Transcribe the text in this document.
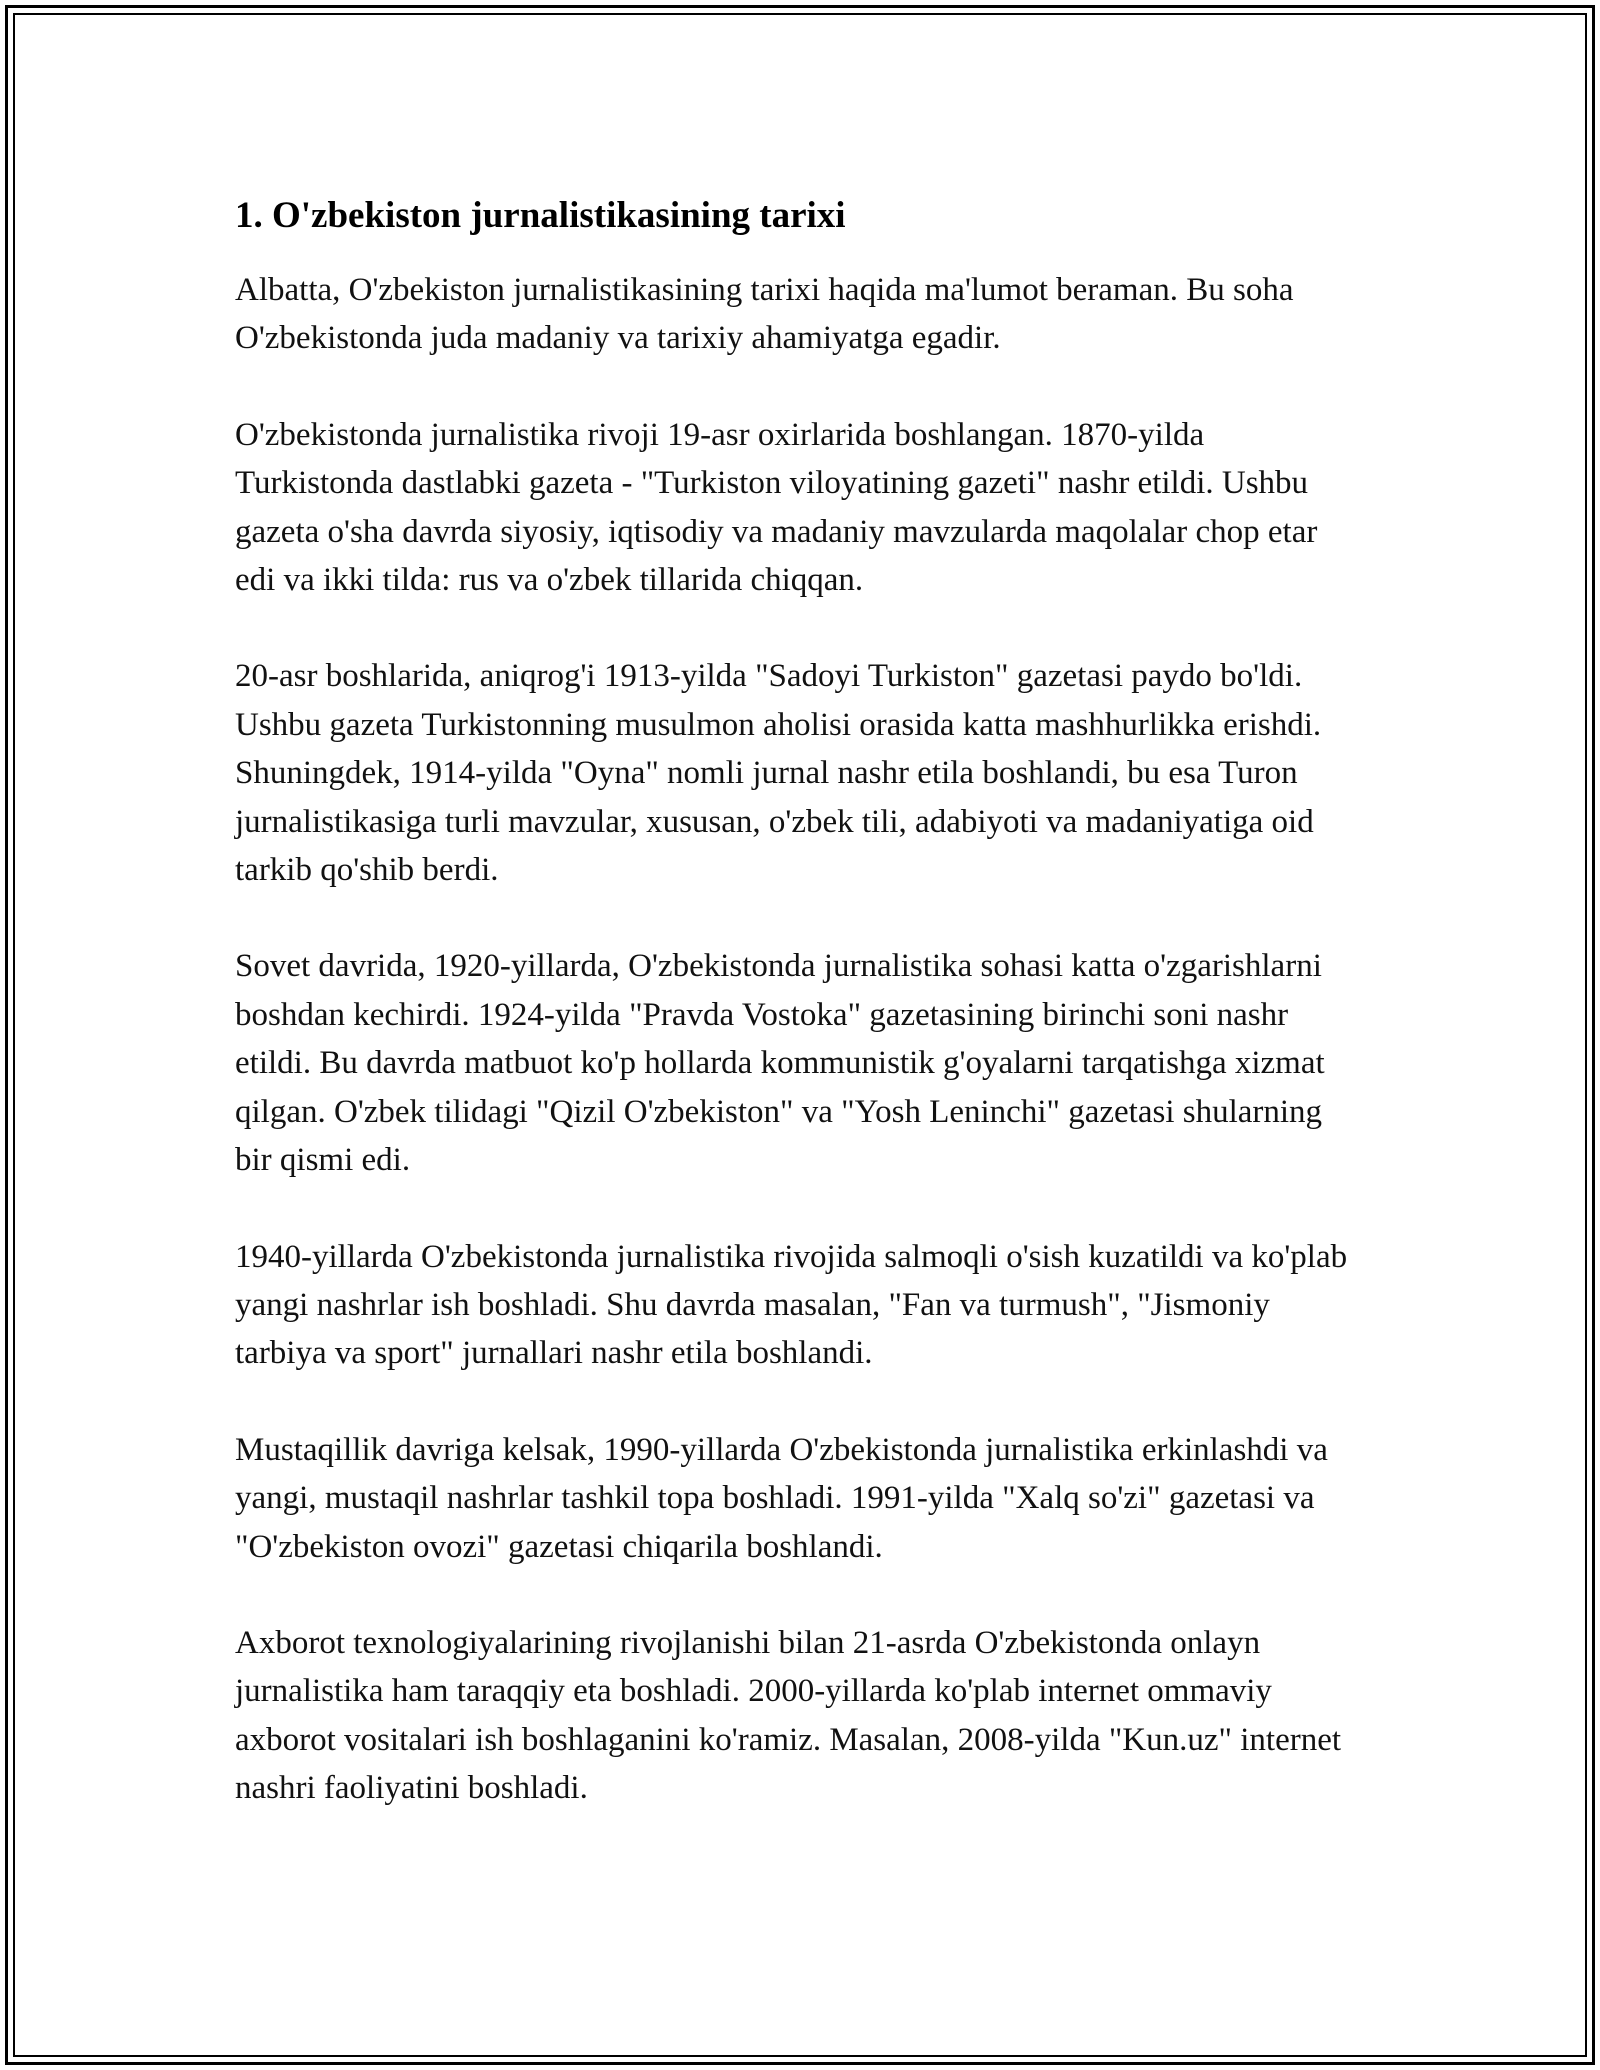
1. O'zbekiston jurnalistikasining tarixi

Albatta, O'zbekiston jurnalistikasining tarixi haqida ma'lumot beraman. Bu soha O'zbekistonda juda madaniy va tarixiy ahamiyatga egadir.

O'zbekistonda jurnalistika rivoji 19-asr oxirlarida boshlangan. 1870-yilda Turkistonda dastlabki gazeta - "Turkiston viloyatining gazeti" nashr etildi. Ushbu gazeta o'sha davrda siyosiy, iqtisodiy va madaniy mavzularda maqolalar chop etar edi va ikki tilda: rus va o'zbek tillarida chiqqan.

20-asr boshlarida, aniqrog'i 1913-yilda "Sadoyi Turkiston" gazetasi paydo bo'ldi. Ushbu gazeta Turkistonning musulmon aholisi orasida katta mashhurlikka erishdi. Shuningdek, 1914-yilda "Oyna" nomli jurnal nashr etila boshlandi, bu esa Turon jurnalistikasiga turli mavzular, xususan, o'zbek tili, adabiyoti va madaniyatiga oid tarkib qo'shib berdi.

Sovet davrida, 1920-yillarda, O'zbekistonda jurnalistika sohasi katta o'zgarishlarni boshdan kechirdi. 1924-yilda "Pravda Vostoka" gazetasining birinchi soni nashr etildi. Bu davrda matbuot ko'p hollarda kommunistik g'oyalarni tarqatishga xizmat qilgan. O'zbek tilidagi "Qizil O'zbekiston" va "Yosh Leninchi" gazetasi shularning bir qismi edi.

1940-yillarda O'zbekistonda jurnalistika rivojida salmoqli o'sish kuzatildi va ko'plab yangi nashrlar ish boshladi. Shu davrda masalan, "Fan va turmush", "Jismoniy tarbiya va sport" jurnallari nashr etila boshlandi.

Mustaqillik davriga kelsak, 1990-yillarda O'zbekistonda jurnalistika erkinlashdi va yangi, mustaqil nashrlar tashkil topa boshladi. 1991-yilda "Xalq so'zi" gazetasi va "O'zbekiston ovozi" gazetasi chiqarila boshlandi.

Axborot texnologiyalarining rivojlanishi bilan 21-asrda O'zbekistonda onlayn jurnalistika ham taraqqiy eta boshladi. 2000-yillarda ko'plab internet ommaviy axborot vositalari ish boshlaganini ko'ramiz. Masalan, 2008-yilda "Kun.uz" internet nashri faoliyatini boshladi.
